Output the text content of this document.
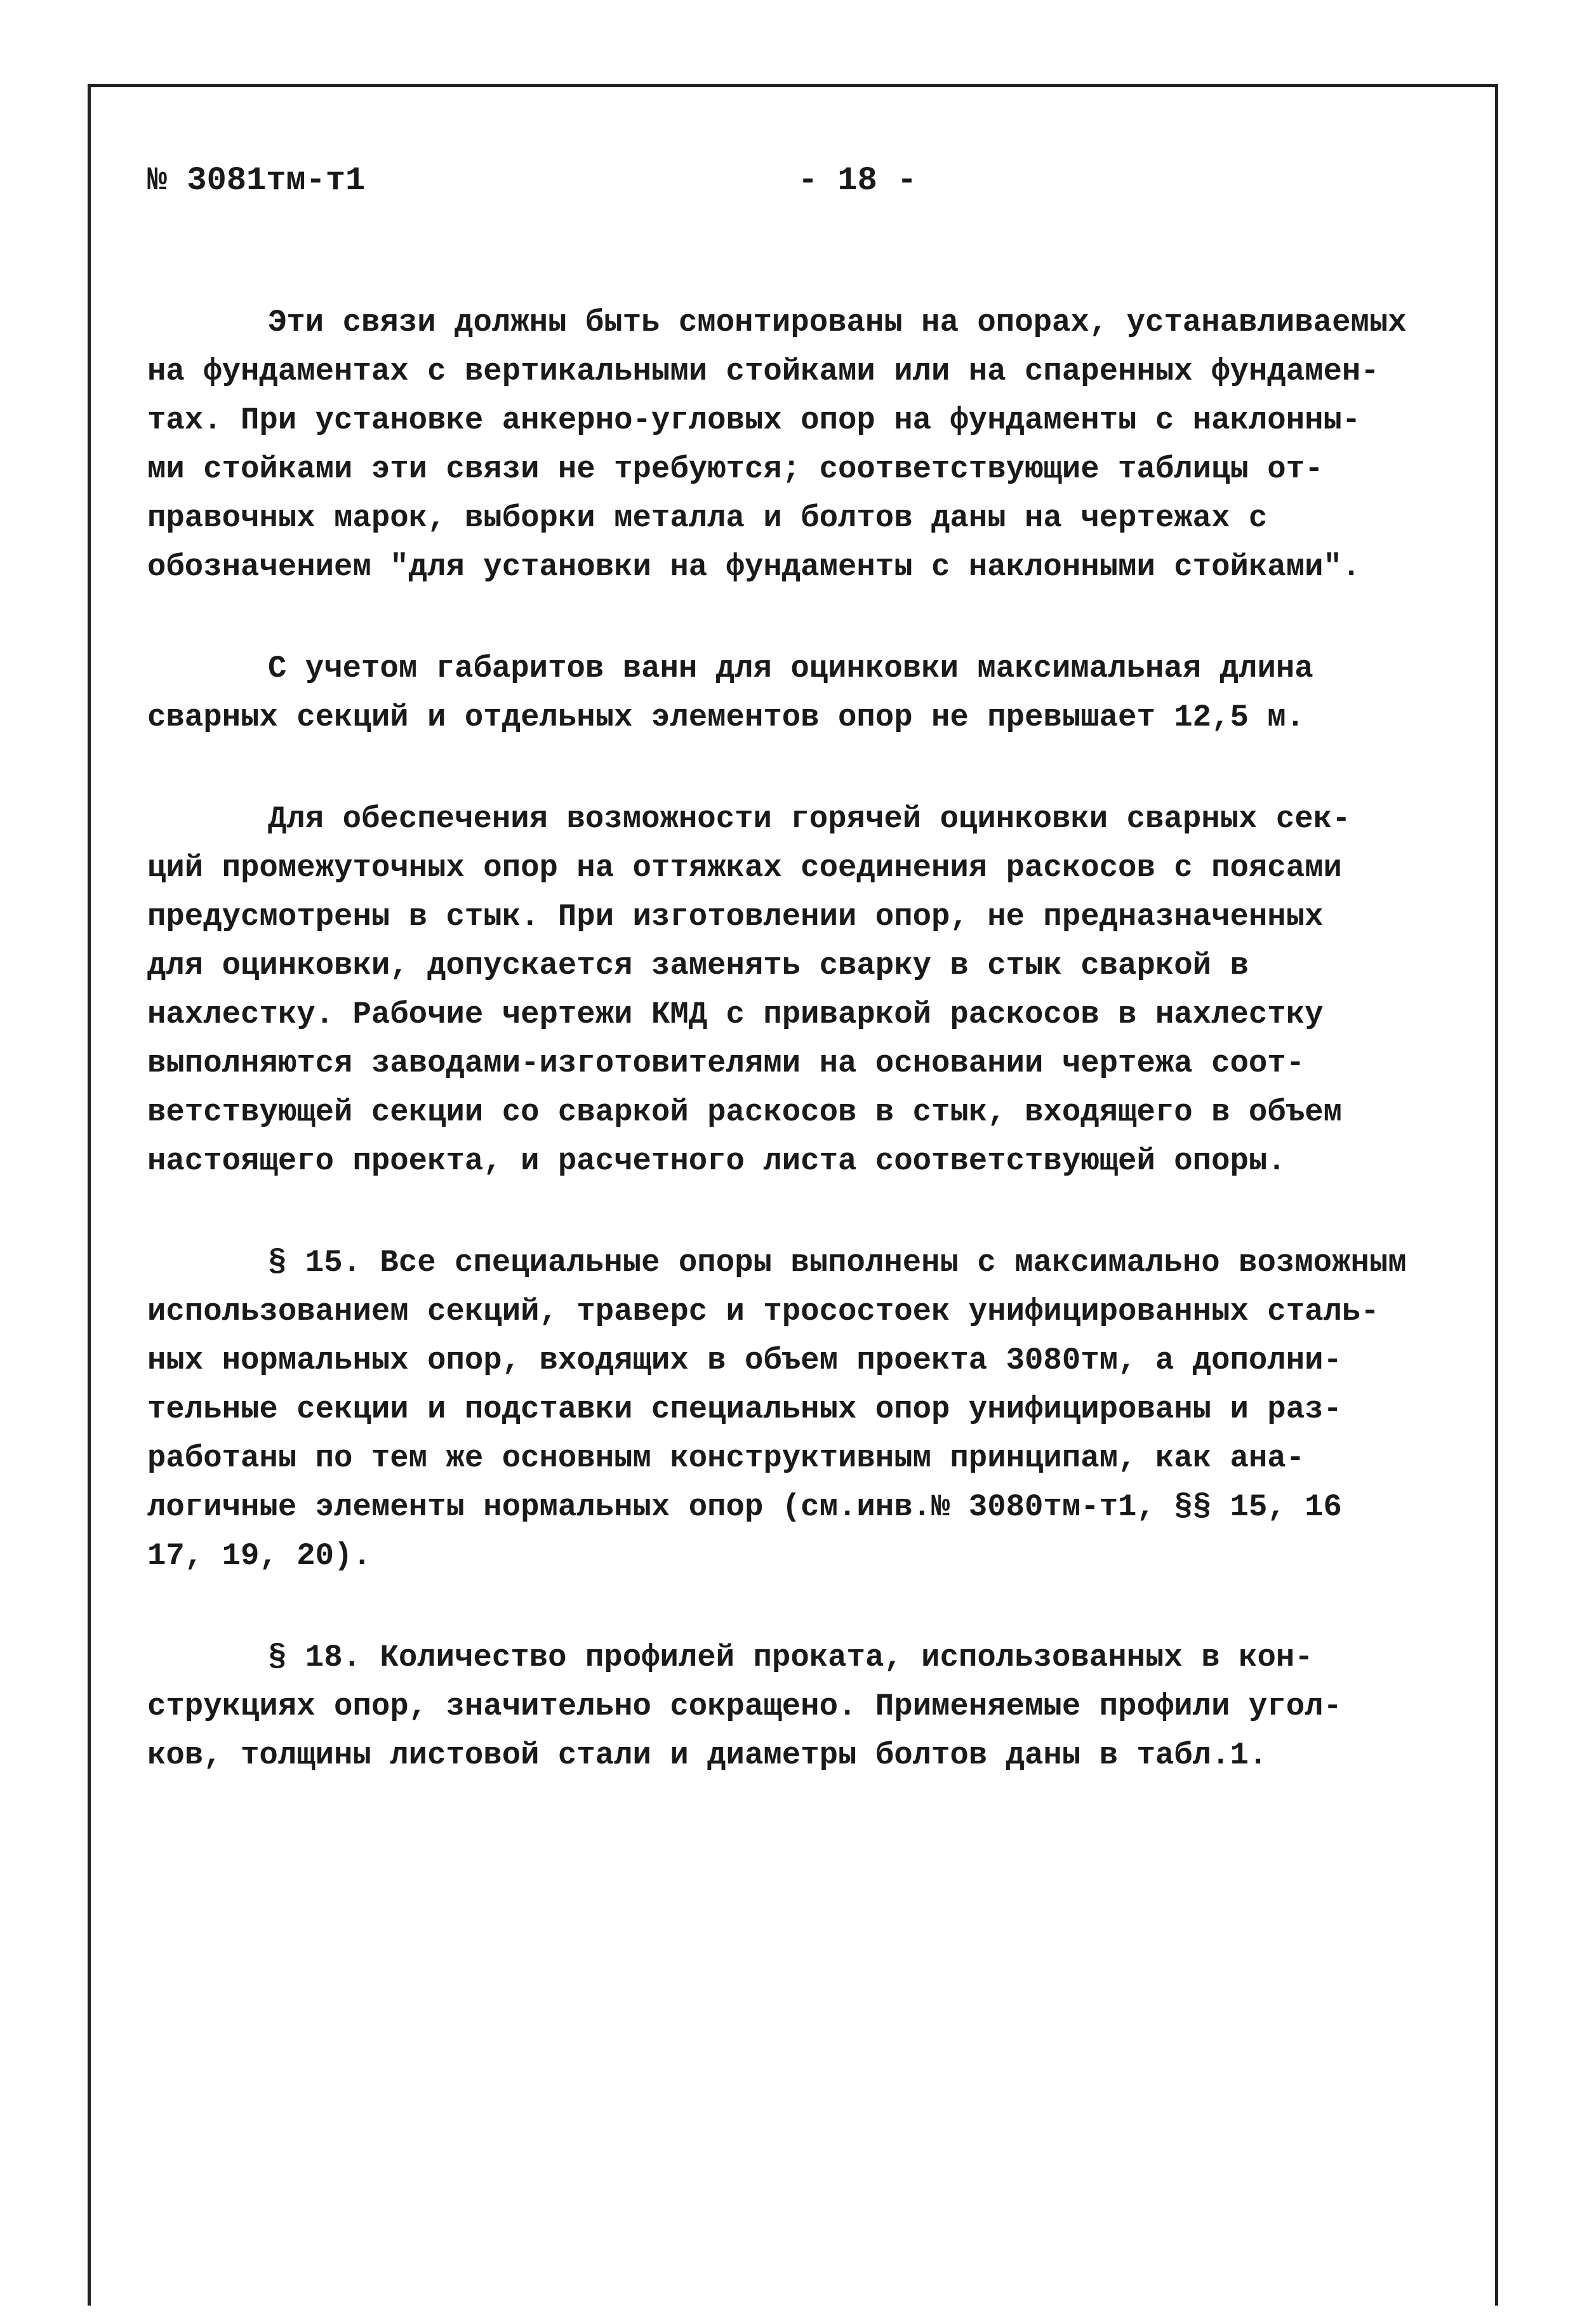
№ 3081тм-т1	- 18 -
Эти связи должны быть смонтированы на опорах, устанавливаемых
на фундаментах с вертикальными стойками или на спаренных фундамен-
тах. При установке анкерно-угловых опор на фундаменты с наклонны-
ми стойками эти связи не требуются; соответствующие таблицы от-
правочных марок, выборки металла и болтов даны на чертежах с
обозначением "для установки на фундаменты с наклонными стойками".
С учетом габаритов ванн для оцинковки максимальная длина
сварных секций и отдельных элементов опор не превышает 12,5 м.
Для обеспечения возможности горячей оцинковки сварных сек-
ций промежуточных опор на оттяжках соединения раскосов с поясами
предусмотрены в стык. При изготовлении опор, не предназначенных
для оцинковки, допускается заменять сварку в стык сваркой в
нахлестку. Рабочие чертежи КМД с приваркой раскосов в нахлестку
выполняются заводами-изготовителями на основании чертежа соот-
ветствующей секции со сваркой раскосов в стык, входящего в объем
настоящего проекта, и расчетного листа соответствующей опоры.
§ 15. Все специальные опоры выполнены с максимально возможным
использованием секций, траверс и тросостоек унифицированных сталь-
ных нормальных опор, входящих в объем проекта 3080тм, а дополни-
тельные секции и подставки специальных опор унифицированы и раз-
работаны по тем же основным конструктивным принципам, как ана-
логичные элементы нормальных опор (см.инв.№ 3080тм-т1, §§ 15, 16
17, 19, 20).
§ 18. Количество профилей проката, использованных в кон-
струкциях опор, значительно сокращено. Применяемые профили угол-
ков, толщины листовой стали и диаметры болтов даны в табл.1.
